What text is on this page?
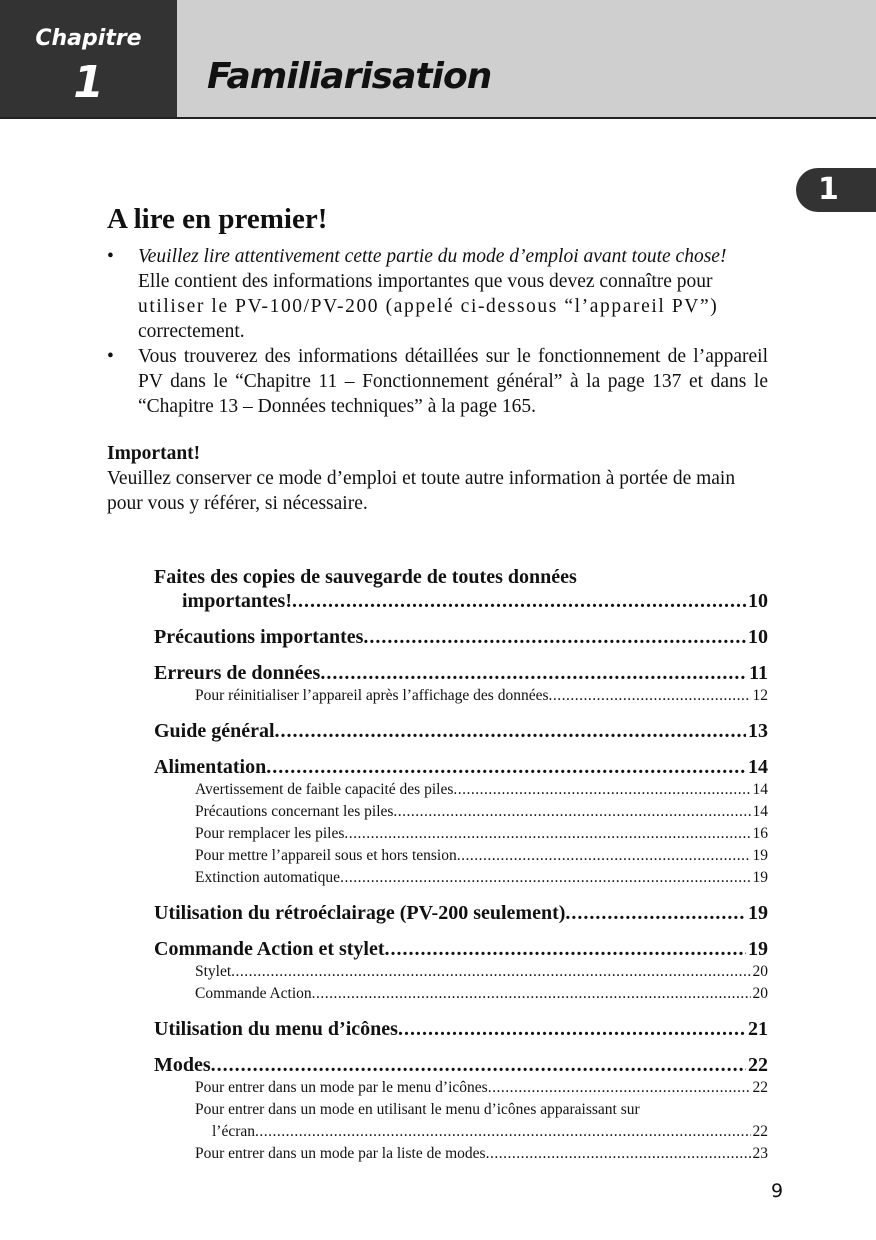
Chapitre
1	Familiarisation
1
A lire en premier!
• Veuillez lire attentivement cette partie du mode d’emploi avant toute chose!
Elle contient des informations importantes que vous devez connaître pour
utiliser le PV-100/PV-200 (appelé ci-dessous “l’appareil PV”)
correctement.
• Vous trouverez des informations détaillées sur le fonctionnement de l’appareil PV dans le “Chapitre 11 – Fonctionnement général” à la page 137 et dans le “Chapitre 13 – Données techniques” à la page 165.
Important!
Veuillez conserver ce mode d’emploi et toute autre information à portée de main pour vous y référer, si nécessaire.
Faites des copies de sauvegarde de toutes données
importantes! .....	10
Précautions importantes .....	10
Erreurs de données .....	11
Pour réinitialiser l’appareil après l’affichage des données .....	12
Guide général .....	13
Alimentation .....	14
Avertissement de faible capacité des piles .....	14
Précautions concernant les piles .....	14
Pour remplacer les piles .....	16
Pour mettre l’appareil sous et hors tension .....	19
Extinction automatique .....	19
Utilisation du rétroéclairage (PV-200 seulement) .....	19
Commande Action et stylet .....	19
Stylet .....	20
Commande Action .....	20
Utilisation du menu d’icônes .....	21
Modes .....	22
Pour entrer dans un mode par le menu d’icônes .....	22
Pour entrer dans un mode en utilisant le menu d’icônes apparaissant sur
l’écran .....	22
Pour entrer dans un mode par la liste de modes .....	23
9
